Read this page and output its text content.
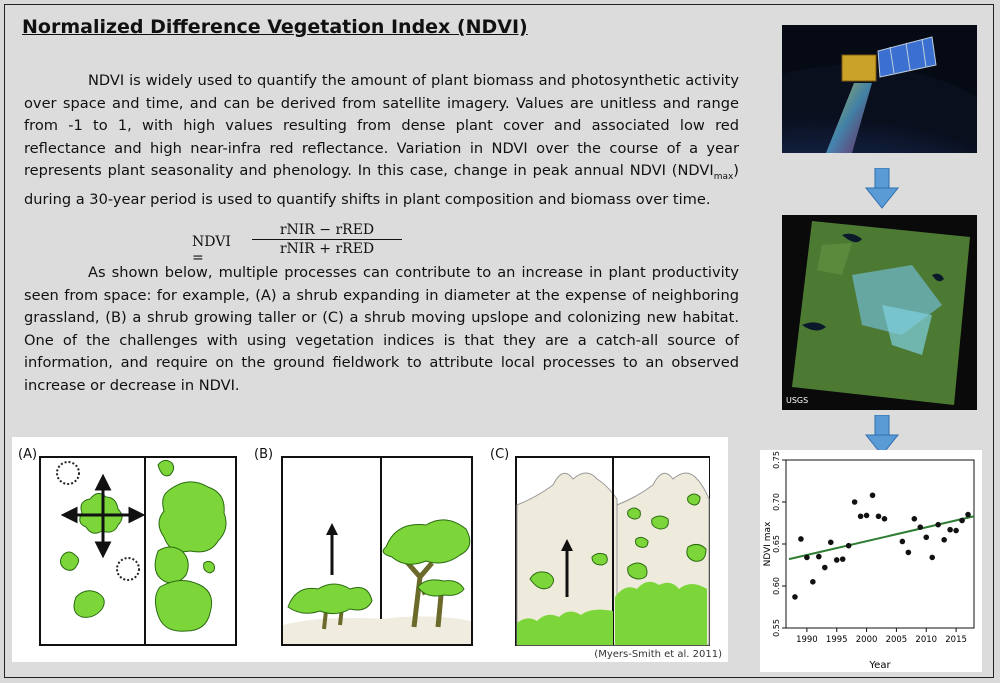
Normalized Difference Vegetation Index (NDVI)

NDVI is widely used to quantify the amount of plant biomass and photosynthetic activity over space and time, and can be derived from satellite imagery. Values are unitless and range from -1 to 1, with high values resulting from dense plant cover and associated low red reflectance and high near-infra red reflectance. Variation in NDVI over the course of a year represents plant seasonality and phenology. In this case, change in peak annual NDVI $(NDVI_{max})$ during a 30-year period is used to quantify shifts in plant composition and biomass over time.

NDVI =
rNIR − rRED
rNIR + rRED

As shown below, multiple processes can contribute to an increase in plant productivity seen from space: for example, (A) a shrub expanding in diameter at the expense of neighboring grassland, (B) a shrub growing taller or (C) a shrub moving upslope and colonizing new habitat. One of the challenges with using vegetation indices is that they are a catch-all source of information, and require on the ground fieldwork to attribute local processes to an observed increase or decrease in NDVI.

(A)	(B)	(C)
(Myers-Smith et al. 2011)
USGS
0.55
0.60
0.65
0.70
0.75
1990 1995 2000 2005 2010 2015
Year
NDVI max
